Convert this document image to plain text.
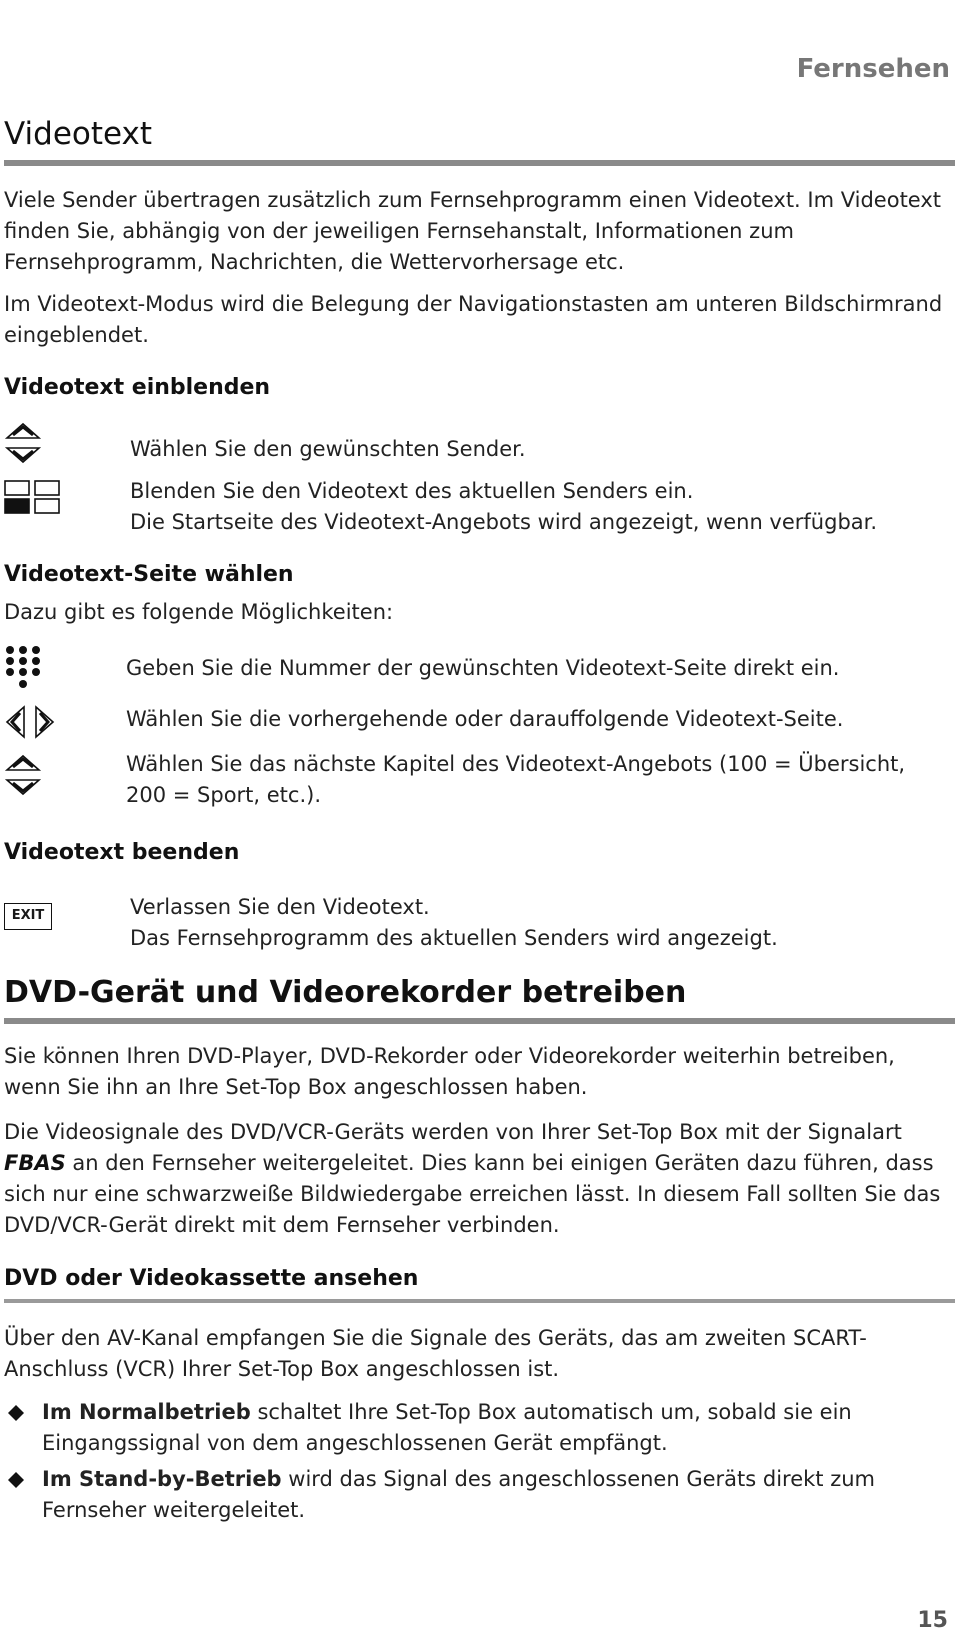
Fernsehen
Videotext
Viele Sender übertragen zusätzlich zum Fernsehprogramm einen Videotext. Im Videotext finden Sie, abhängig von der jeweiligen Fernsehanstalt, Informationen zum Fernsehprogramm, Nachrichten, die Wettervorhersage etc.
Im Videotext-Modus wird die Belegung der Navigationstasten am unteren Bildschirmrand eingeblendet.
Videotext einblenden
Wählen Sie den gewünschten Sender.
Blenden Sie den Videotext des aktuellen Senders ein.
Die Startseite des Videotext-Angebots wird angezeigt, wenn verfügbar.
Videotext-Seite wählen
Dazu gibt es folgende Möglichkeiten:
Geben Sie die Nummer der gewünschten Videotext-Seite direkt ein.
Wählen Sie die vorhergehende oder darauffolgende Videotext-Seite.
Wählen Sie das nächste Kapitel des Videotext-Angebots (100 = Übersicht,
200 = Sport, etc.).
Videotext beenden
EXIT	Verlassen Sie den Videotext.
Das Fernsehprogramm des aktuellen Senders wird angezeigt.
DVD-Gerät und Videorekorder betreiben
Sie können Ihren DVD-Player, DVD-Rekorder oder Videorekorder weiterhin betreiben, wenn Sie ihn an Ihre Set-Top Box angeschlossen haben.
Die Videosignale des DVD/VCR-Geräts werden von Ihrer Set-Top Box mit der Signalart FBAS an den Fernseher weitergeleitet. Dies kann bei einigen Geräten dazu führen, dass sich nur eine schwarzweiße Bildwiedergabe erreichen lässt. In diesem Fall sollten Sie das DVD/VCR-Gerät direkt mit dem Fernseher verbinden.
DVD oder Videokassette ansehen
Über den AV-Kanal empfangen Sie die Signale des Geräts, das am zweiten SCART-Anschluss (VCR) Ihrer Set-Top Box angeschlossen ist.
Im Normalbetrieb schaltet Ihre Set-Top Box automatisch um, sobald sie ein Eingangssignal von dem angeschlossenen Gerät empfängt.
Im Stand-by-Betrieb wird das Signal des angeschlossenen Geräts direkt zum Fernseher weitergeleitet.
15
